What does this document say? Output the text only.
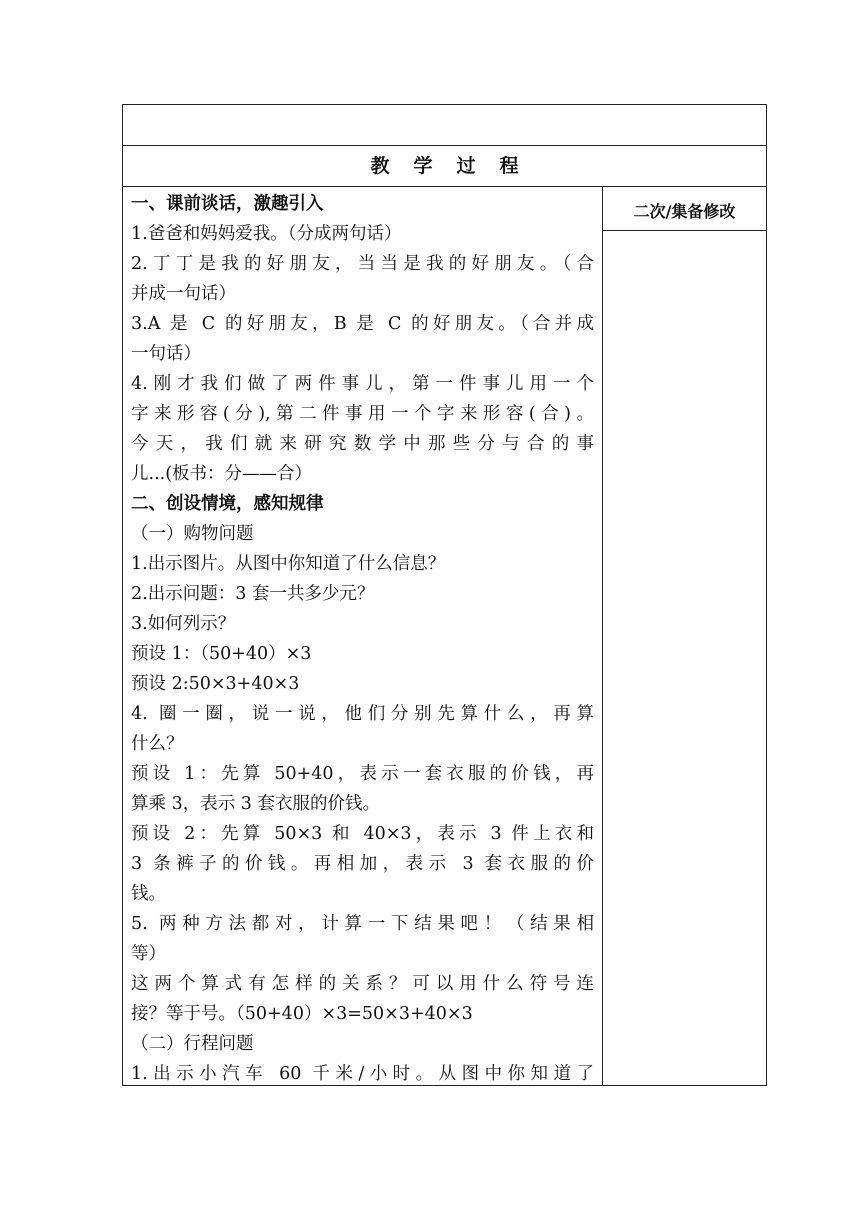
教学过程

一、课前谈话，激趣引入

1.爸爸和妈妈爱我。（分成两句话）

2.丁丁是我的好朋友，当当是我的好朋友。（合

并成一句话）

3.A 是 C 的好朋友，B 是 C 的好朋友。（合并成

一句话）

4.刚才我们做了两件事儿，第一件事儿用一个

字来形容(分),第二件事用一个字来形容(合)。

今天，我们就来研究数学中那些分与合的事

儿...(板书：分——合）

二、创设情境，感知规律

（一）购物问题

1.出示图片。从图中你知道了什么信息？

2.出示问题：3 套一共多少元？

3.如何列示？

预设 1：（50+40）×3

预设 2:50×3+40×3

4. 圈一圈，说一说，他们分别先算什么，再算

什么？

预设 1：先算 50+40，表示一套衣服的价钱，再

算乘 3，表示 3 套衣服的价钱。

预设 2：先算 50×3 和 40×3，表示 3 件上衣和

3 条裤子的价钱。再相加，表示 3 套衣服的价

钱。

5. 两种方法都对，计算一下结果吧！（结果相

等）

这两个算式有怎样的关系？可以用什么符号连

接？等于号。（50+40）×3=50×3+40×3

（二）行程问题

1.出示小汽车 60 千米/小时。从图中你知道了

二次/集备修改
